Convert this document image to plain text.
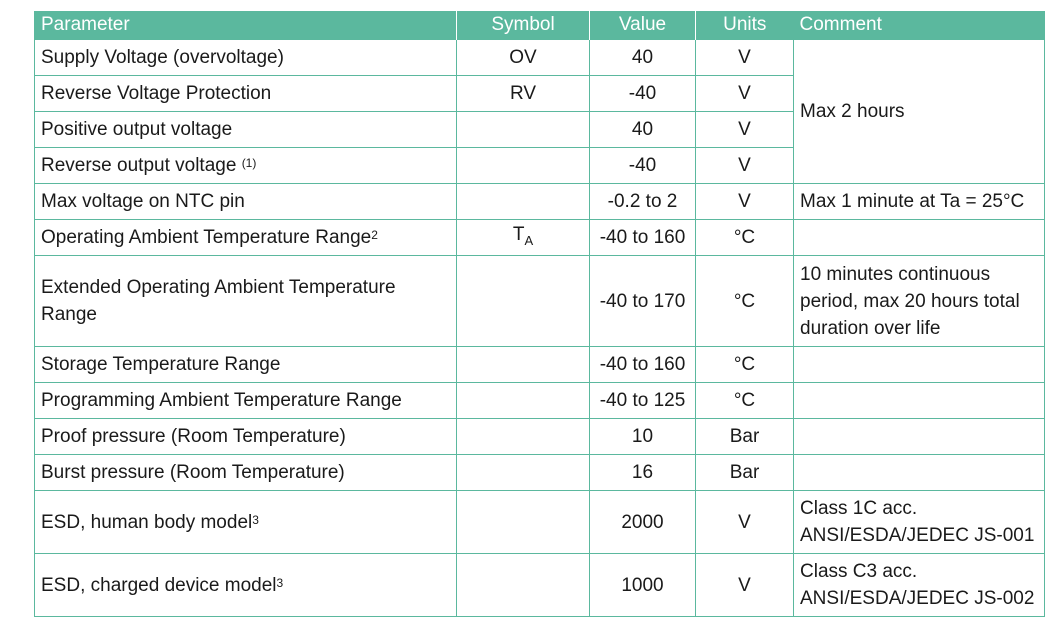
Parameter	Symbol	Value	Units	Comment
Supply Voltage (overvoltage)	OV	40	V	Max 2 hours
Reverse Voltage Protection	RV	-40	V	
Positive output voltage		40	V	
Reverse output voltage $^{(1)}$		-40	V	
Max voltage on NTC pin		-0.2 to 2	V	Max 1 minute at Ta = 25°C
Operating Ambient Temperature Range$^2$	$T_A$	-40 to 160	°C	
Extended Operating Ambient Temperature Range		-40 to 170	°C	10 minutes continuous period, max 20 hours total duration over life
Storage Temperature Range		-40 to 160	°C	
Programming Ambient Temperature Range		-40 to 125	°C	
Proof pressure (Room Temperature)		10	Bar	
Burst pressure (Room Temperature)		16	Bar	
ESD, human body model$^3$		2000	V	Class 1C acc. ANSI/ESDA/JEDEC JS-001
ESD, charged device model$^3$		1000	V	Class C3 acc. ANSI/ESDA/JEDEC JS-002
